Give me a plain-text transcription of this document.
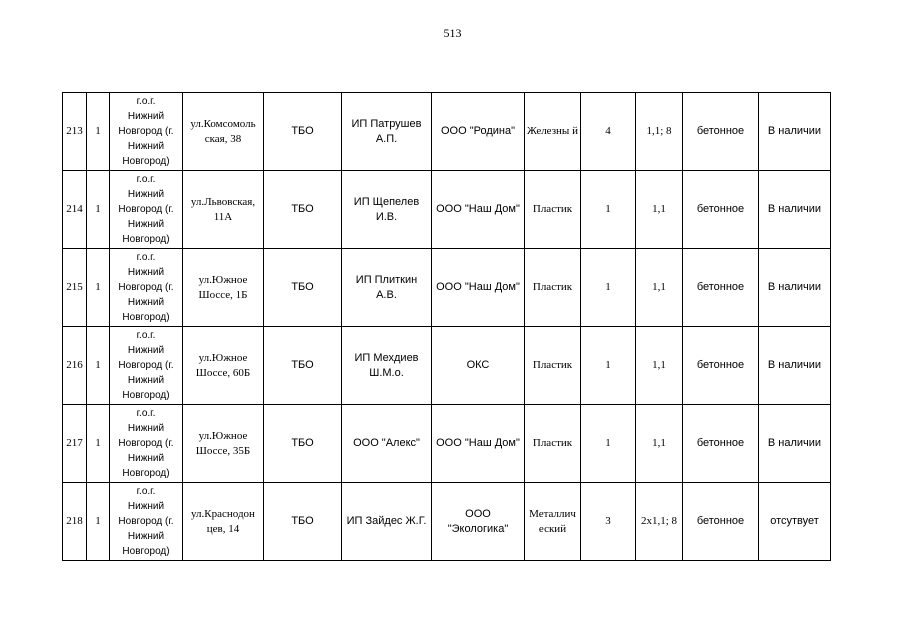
513
213	1	г.о.г.
Нижний
Новгород (г.
Нижний
Новгород)	ул.Комсомоль ская, 38	ТБО	ИП Патрушев А.П.	ООО "Родина"	Железны й	4	1,1; 8	бетонное	В наличии
214	1	г.о.г.
Нижний
Новгород (г.
Нижний
Новгород)	ул.Львовская, 11А	ТБО	ИП Щепелев И.В.	ООО "Наш Дом"	Пластик	1	1,1	бетонное	В наличии
215	1	г.о.г.
Нижний
Новгород (г.
Нижний
Новгород)	ул.Южное Шоссе, 1Б	ТБО	ИП Плиткин А.В.	ООО "Наш Дом"	Пластик	1	1,1	бетонное	В наличии
216	1	г.о.г.
Нижний
Новгород (г.
Нижний
Новгород)	ул.Южное Шоссе, 60Б	ТБО	ИП Мехдиев Ш.М.о.	ОКС	Пластик	1	1,1	бетонное	В наличии
217	1	г.о.г.
Нижний
Новгород (г.
Нижний
Новгород)	ул.Южное Шоссе, 35Б	ТБО	ООО "Алекс"	ООО "Наш Дом"	Пластик	1	1,1	бетонное	В наличии
218	1	г.о.г.
Нижний
Новгород (г.
Нижний
Новгород)	ул.Краснодон цев, 14	ТБО	ИП Зайдес Ж.Г.	ООО "Экологика"	Металлич еский	3	2х1,1; 8	бетонное	отсутвует
